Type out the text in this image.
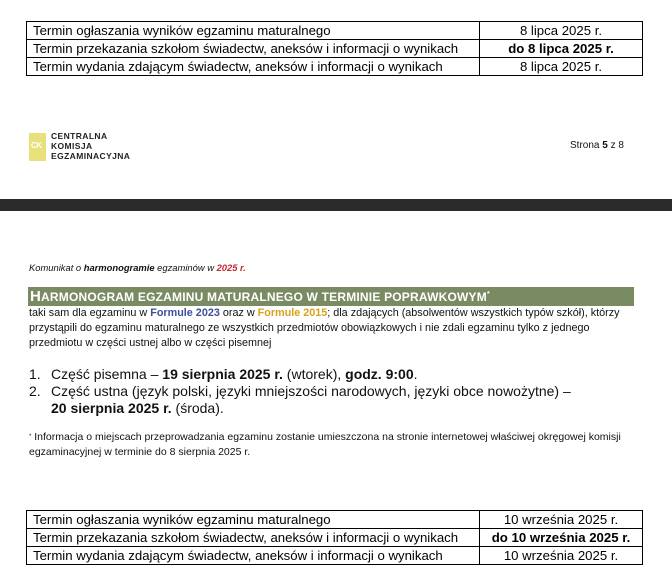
Termin ogłaszania wyników egzaminu maturalnego	8 lipca 2025 r.
Termin przekazania szkołom świadectw, aneksów i informacji o wynikach	do 8 lipca 2025 r.
Termin wydania zdającym świadectw, aneksów i informacji o wynikach	8 lipca 2025 r.
CK
CENTRALNA
KOMISJA
EGZAMINACYJNA
Strona 5 z 8
Komunikat o harmonogramie egzaminów w 2025 r.
HARMONOGRAM EGZAMINU MATURALNEGO W TERMINIE POPRAWKOWYM*
taki sam dla egzaminu w Formule 2023 oraz w Formule 2015; dla zdających (absolwentów wszystkich typów szkół), którzy przystąpili do egzaminu maturalnego ze wszystkich przedmiotów obowiązkowych i nie zdali egzaminu tylko z jednego przedmiotu w części ustnej albo w części pisemnej
1. Część pisemna – 19 sierpnia 2025 r. (wtorek), godz. 9:00.
2. Część ustna (język polski, języki mniejszości narodowych, języki obce nowożytne) –
20 sierpnia 2025 r. (środa).
* Informacja o miejscach przeprowadzania egzaminu zostanie umieszczona na stronie internetowej właściwej okręgowej komisji egzaminacyjnej w terminie do 8 sierpnia 2025 r.
Termin ogłaszania wyników egzaminu maturalnego	10 września 2025 r.
Termin przekazania szkołom świadectw, aneksów i informacji o wynikach	do 10 września 2025 r.
Termin wydania zdającym świadectw, aneksów i informacji o wynikach	10 września 2025 r.
